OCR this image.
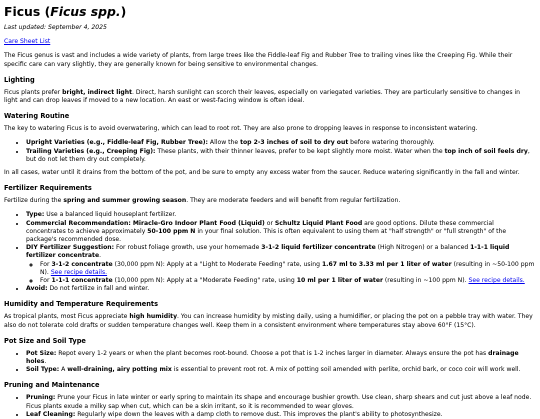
Ficus (Ficus spp.)

Last updated: September 4, 2025

Care Sheet List

The Ficus genus is vast and includes a wide variety of plants, from large trees like the Fiddle-leaf Fig and Rubber Tree to trailing vines like the Creeping Fig. While their specific care can vary slightly, they are generally known for being sensitive to environmental changes.

Lighting

Ficus plants prefer bright, indirect light. Direct, harsh sunlight can scorch their leaves, especially on variegated varieties. They are particularly sensitive to changes in light and can drop leaves if moved to a new location. An east or west-facing window is often ideal.

Watering Routine

The key to watering Ficus is to avoid overwatering, which can lead to root rot. They are also prone to dropping leaves in response to inconsistent watering.

• Upright Varieties (e.g., Fiddle-leaf Fig, Rubber Tree): Allow the top 2-3 inches of soil to dry out before watering thoroughly.
• Trailing Varieties (e.g., Creeping Fig): These plants, with their thinner leaves, prefer to be kept slightly more moist. Water when the top inch of soil feels dry, but do not let them dry out completely.

In all cases, water until it drains from the bottom of the pot, and be sure to empty any excess water from the saucer. Reduce watering significantly in the fall and winter.

Fertilizer Requirements

Fertilize during the spring and summer growing season. They are moderate feeders and will benefit from regular fertilization.

• Type: Use a balanced liquid houseplant fertilizer.
• Commercial Recommendation: Miracle-Gro Indoor Plant Food (Liquid) or Schultz Liquid Plant Food are good options. Dilute these commercial concentrates to achieve approximately 50-100 ppm N in your final solution. This is often equivalent to using them at "half strength" or "full strength" of the package's recommended dose.
• DIY Fertilizer Suggestion: For robust foliage growth, use your homemade 3-1-2 liquid fertilizer concentrate (High Nitrogen) or a balanced 1-1-1 liquid fertilizer concentrate.
◦ For 3-1-2 concentrate (30,000 ppm N): Apply at a "Light to Moderate Feeding" rate, using 1.67 ml to 3.33 ml per 1 liter of water (resulting in ~50-100 ppm N). See recipe details.
◦ For 1-1-1 concentrate (10,000 ppm N): Apply at a "Moderate Feeding" rate, using 10 ml per 1 liter of water (resulting in ~100 ppm N). See recipe details.
• Avoid: Do not fertilize in fall and winter.
Humidity and Temperature Requirements

As tropical plants, most Ficus appreciate high humidity. You can increase humidity by misting daily, using a humidifier, or placing the pot on a pebble tray with water. They also do not tolerate cold drafts or sudden temperature changes well. Keep them in a consistent environment where temperatures stay above 60°F (15°C).

Pot Size and Soil Type
• Pot Size: Repot every 1-2 years or when the plant becomes root-bound. Choose a pot that is 1-2 inches larger in diameter. Always ensure the pot has drainage holes.
• Soil Type: A well-draining, airy potting mix is essential to prevent root rot. A mix of potting soil amended with perlite, orchid bark, or coco coir will work well.
Pruning and Maintenance
• Pruning: Prune your Ficus in late winter or early spring to maintain its shape and encourage bushier growth. Use clean, sharp shears and cut just above a leaf node. Ficus plants exude a milky sap when cut, which can be a skin irritant, so it is recommended to wear gloves.
• Leaf Cleaning: Regularly wipe down the leaves with a damp cloth to remove dust. This improves the plant's ability to photosynthesize.
